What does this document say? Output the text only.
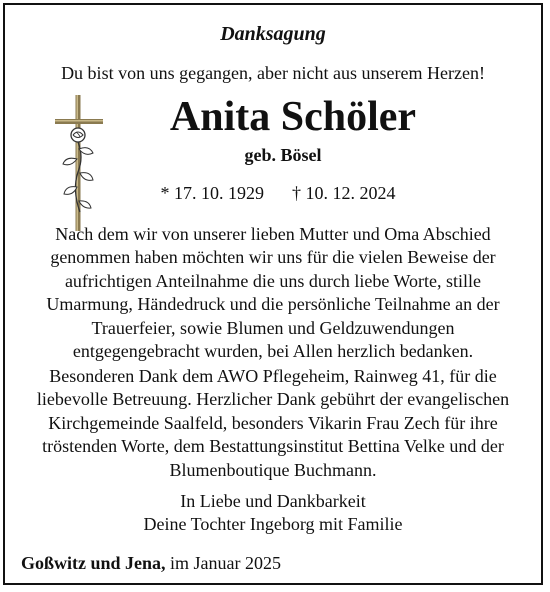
Danksagung
Du bist von uns gegangen, aber nicht aus unserem Herzen!
Anita Schöler
geb. Bösel
* 17. 10. 1929 † 10. 12. 2024
Nach dem wir von unserer lieben Mutter und Oma Abschied
genommen haben möchten wir uns für die vielen Beweise der
aufrichtigen Anteilnahme die uns durch liebe Worte, stille
Umarmung, Händedruck und die persönliche Teilnahme an der
Trauerfeier, sowie Blumen und Geldzuwendungen
entgegengebracht wurden, bei Allen herzlich bedanken.
Besonderen Dank dem AWO Pflegeheim, Rainweg 41, für die
liebevolle Betreuung. Herzlicher Dank gebührt der evangelischen
Kirchgemeinde Saalfeld, besonders Vikarin Frau Zech für ihre
tröstenden Worte, dem Bestattungsinstitut Bettina Velke und der
Blumenboutique Buchmann.
In Liebe und Dankbarkeit
Deine Tochter Ingeborg mit Familie
Goßwitz und Jena, im Januar 2025
